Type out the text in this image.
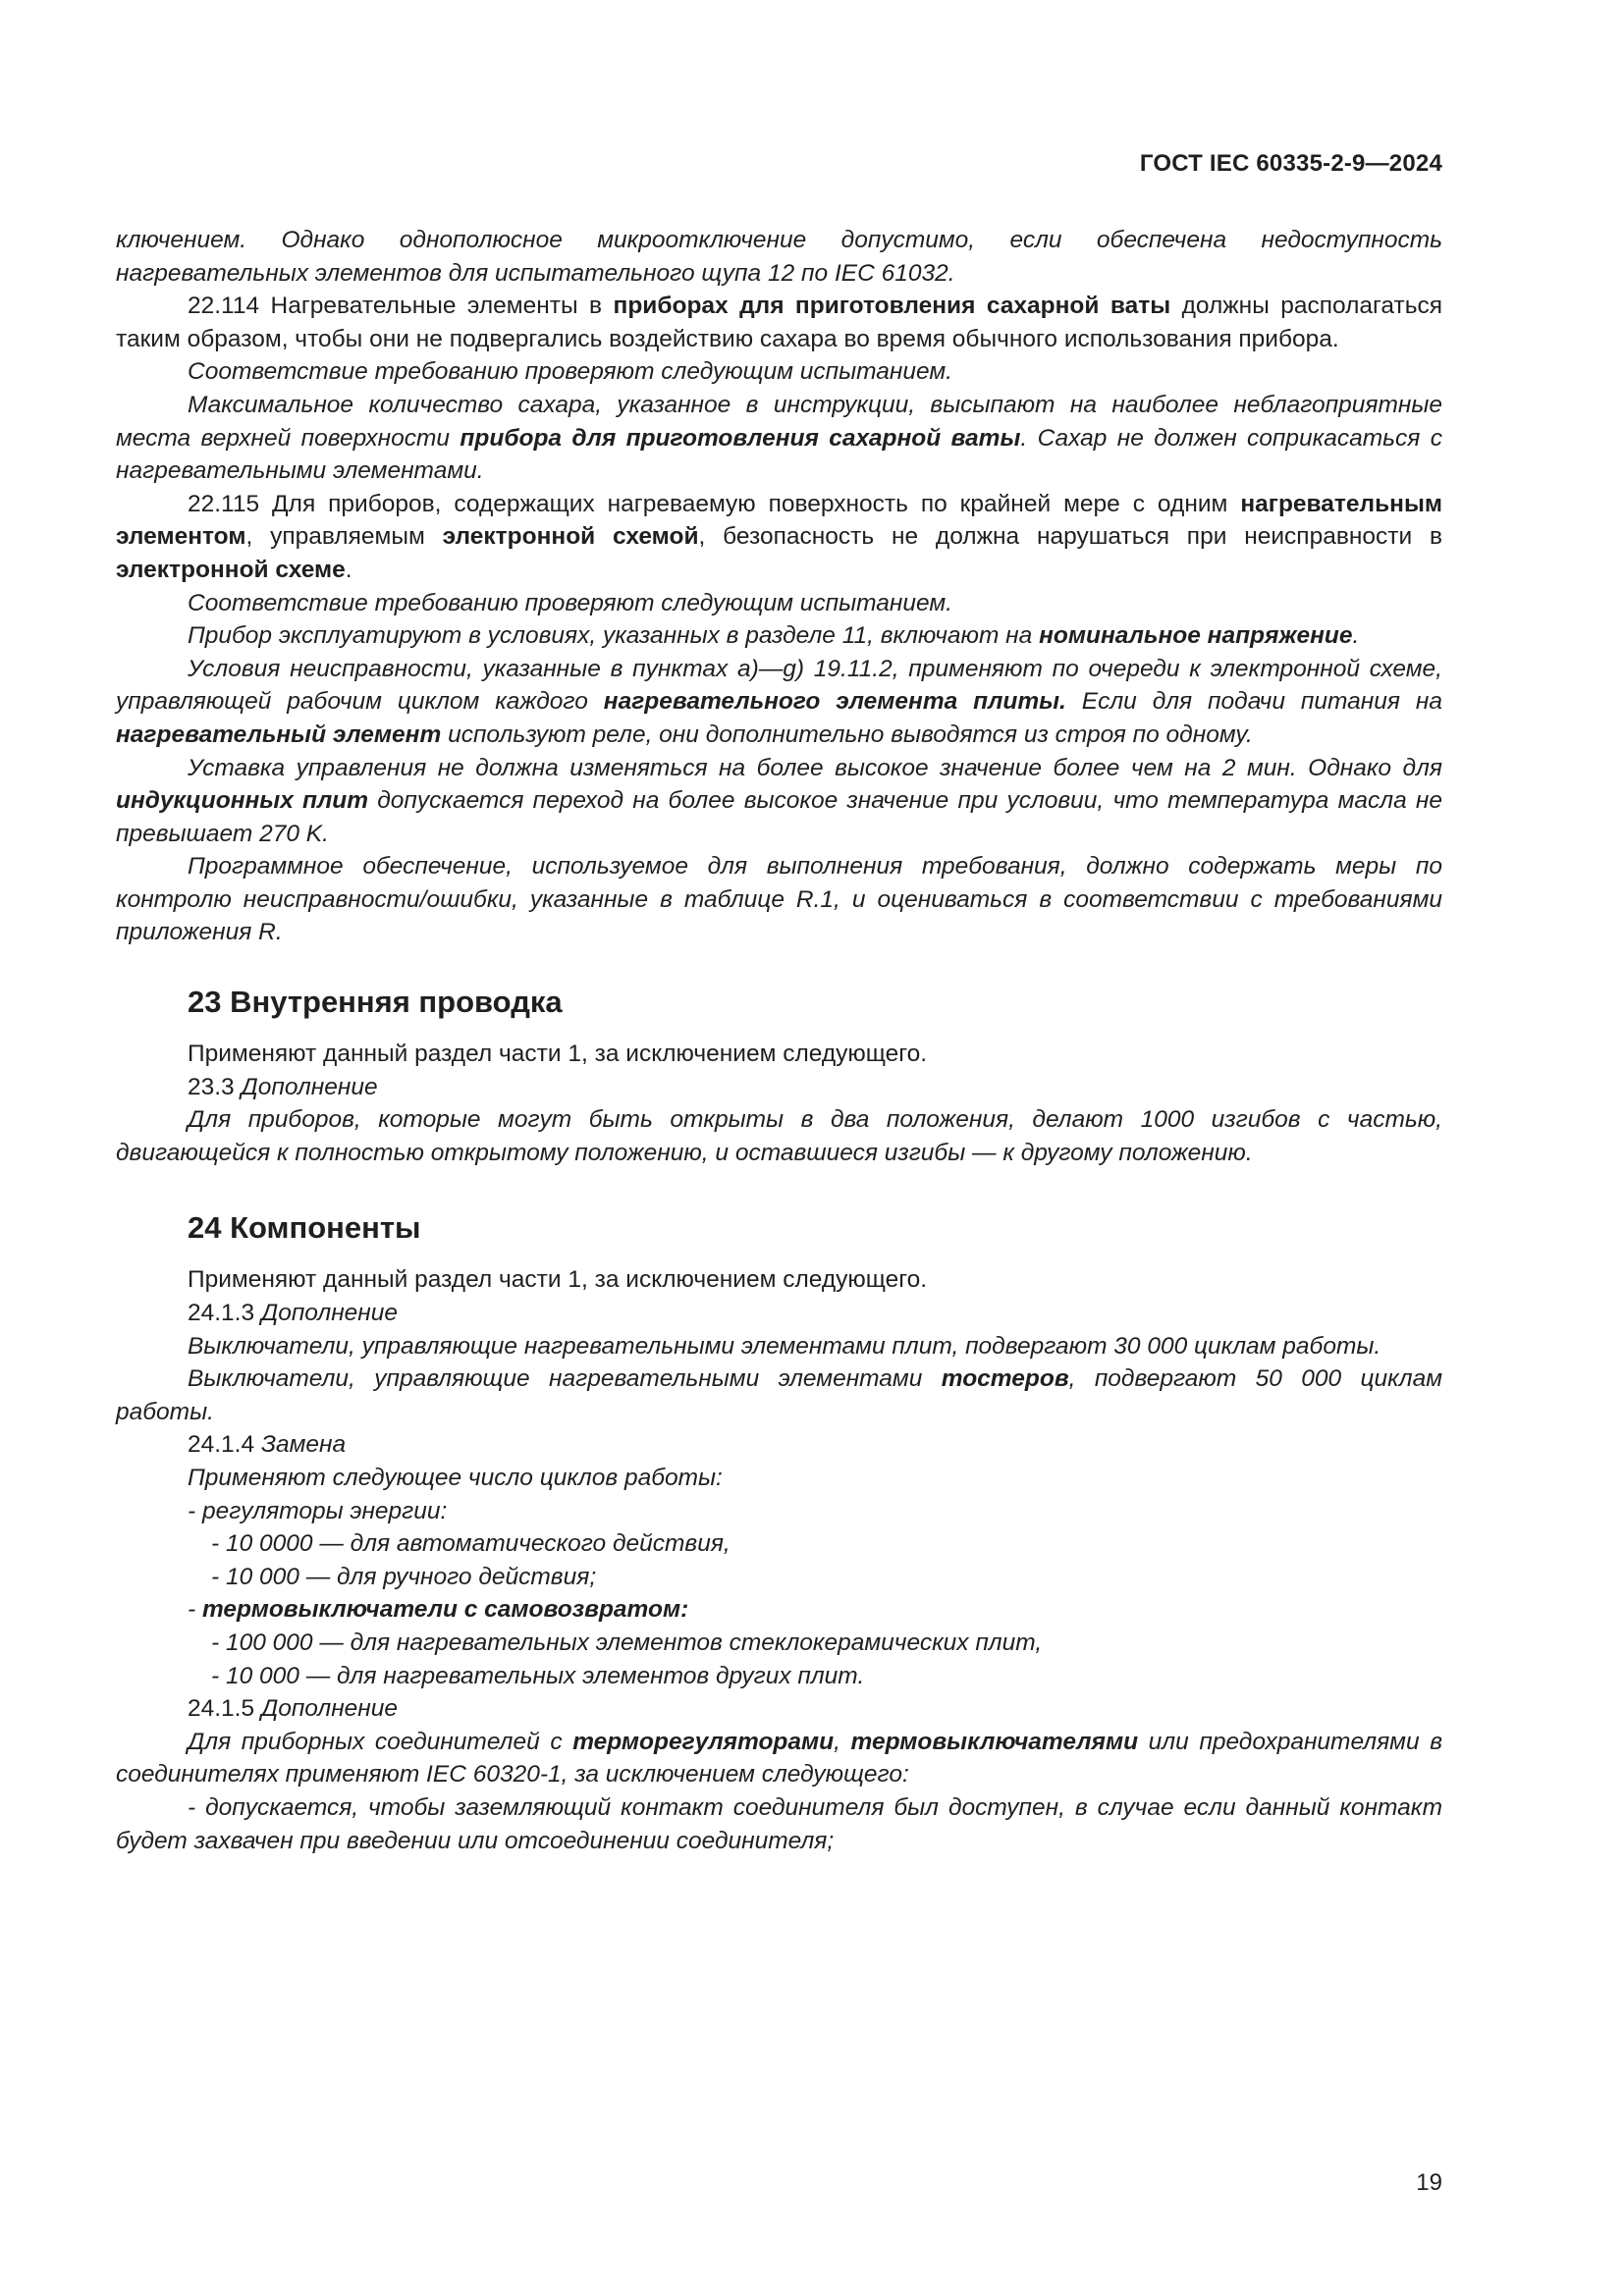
ГОСТ IEC 60335-2-9—2024

ключением. Однако однополюсное микроотключение допустимо, если обеспечена недоступность нагревательных элементов для испытательного щупа 12 по IEC 61032.

22.114 Нагревательные элементы в приборах для приготовления сахарной ваты должны располагаться таким образом, чтобы они не подвергались воздействию сахара во время обычного использования прибора.

Соответствие требованию проверяют следующим испытанием.

Максимальное количество сахара, указанное в инструкции, высыпают на наиболее неблагоприятные места верхней поверхности прибора для приготовления сахарной ваты. Сахар не должен соприкасаться с нагревательными элементами.

22.115 Для приборов, содержащих нагреваемую поверхность по крайней мере с одним нагревательным элементом, управляемым электронной схемой, безопасность не должна нарушаться при неисправности в электронной схеме.

Соответствие требованию проверяют следующим испытанием.

Прибор эксплуатируют в условиях, указанных в разделе 11, включают на номинальное напряжение.

Условия неисправности, указанные в пунктах a)—g) 19.11.2, применяют по очереди к электронной схеме, управляющей рабочим циклом каждого нагревательного элемента плиты. Если для подачи питания на нагревательный элемент используют реле, они дополнительно выводятся из строя по одному.

Уставка управления не должна изменяться на более высокое значение более чем на 2 мин. Однако для индукционных плит допускается переход на более высокое значение при условии, что температура масла не превышает 270 K.

Программное обеспечение, используемое для выполнения требования, должно содержать меры по контролю неисправности/ошибки, указанные в таблице R.1, и оцениваться в соответствии с требованиями приложения R.

23 Внутренняя проводка

Применяют данный раздел части 1, за исключением следующего.

23.3 Дополнение

Для приборов, которые могут быть открыты в два положения, делают 1000 изгибов с частью, двигающейся к полностью открытому положению, и оставшиеся изгибы — к другому положению.

24 Компоненты

Применяют данный раздел части 1, за исключением следующего.

24.1.3 Дополнение

Выключатели, управляющие нагревательными элементами плит, подвергают 30 000 циклам работы.

Выключатели, управляющие нагревательными элементами тостеров, подвергают 50 000 циклам работы.

24.1.4 Замена

Применяют следующее число циклов работы:

- регуляторы энергии:

- 10 0000 — для автоматического действия,

- 10 000 — для ручного действия;

- термовыключатели с самовозвратом:

- 100 000 — для нагревательных элементов стеклокерамических плит,

- 10 000 — для нагревательных элементов других плит.

24.1.5 Дополнение

Для приборных соединителей с терморегуляторами, термовыключателями или предохранителями в соединителях применяют IEC 60320-1, за исключением следующего:

- допускается, чтобы заземляющий контакт соединителя был доступен, в случае если данный контакт будет захвачен при введении или отсоединении соединителя;

19
